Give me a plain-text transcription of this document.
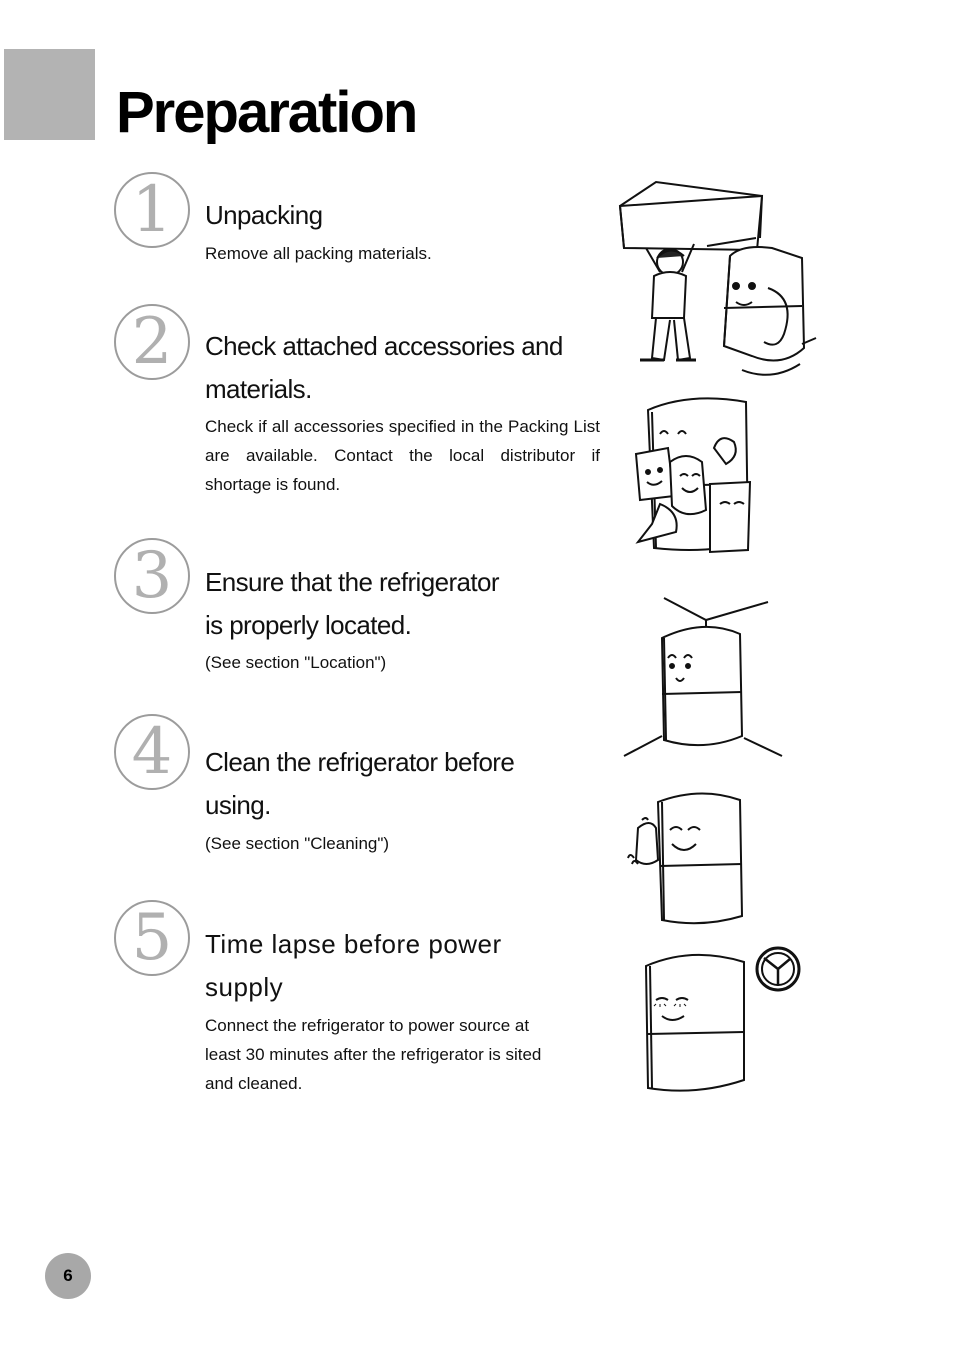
Preparation
1	Unpacking

Remove all packing materials.

2	Check attached accessories and
materials.

Check if all accessories specified in the Packing List are available. Contact the local distributor if shortage is found.

3	Ensure that the refrigerator
is properly located.

(See section "Location")

4	Clean the refrigerator before
using.

(See section "Cleaning")

5	Time lapse before power
supply

Connect the refrigerator to power source at least 30 minutes after the refrigerator is sited and cleaned.

6
